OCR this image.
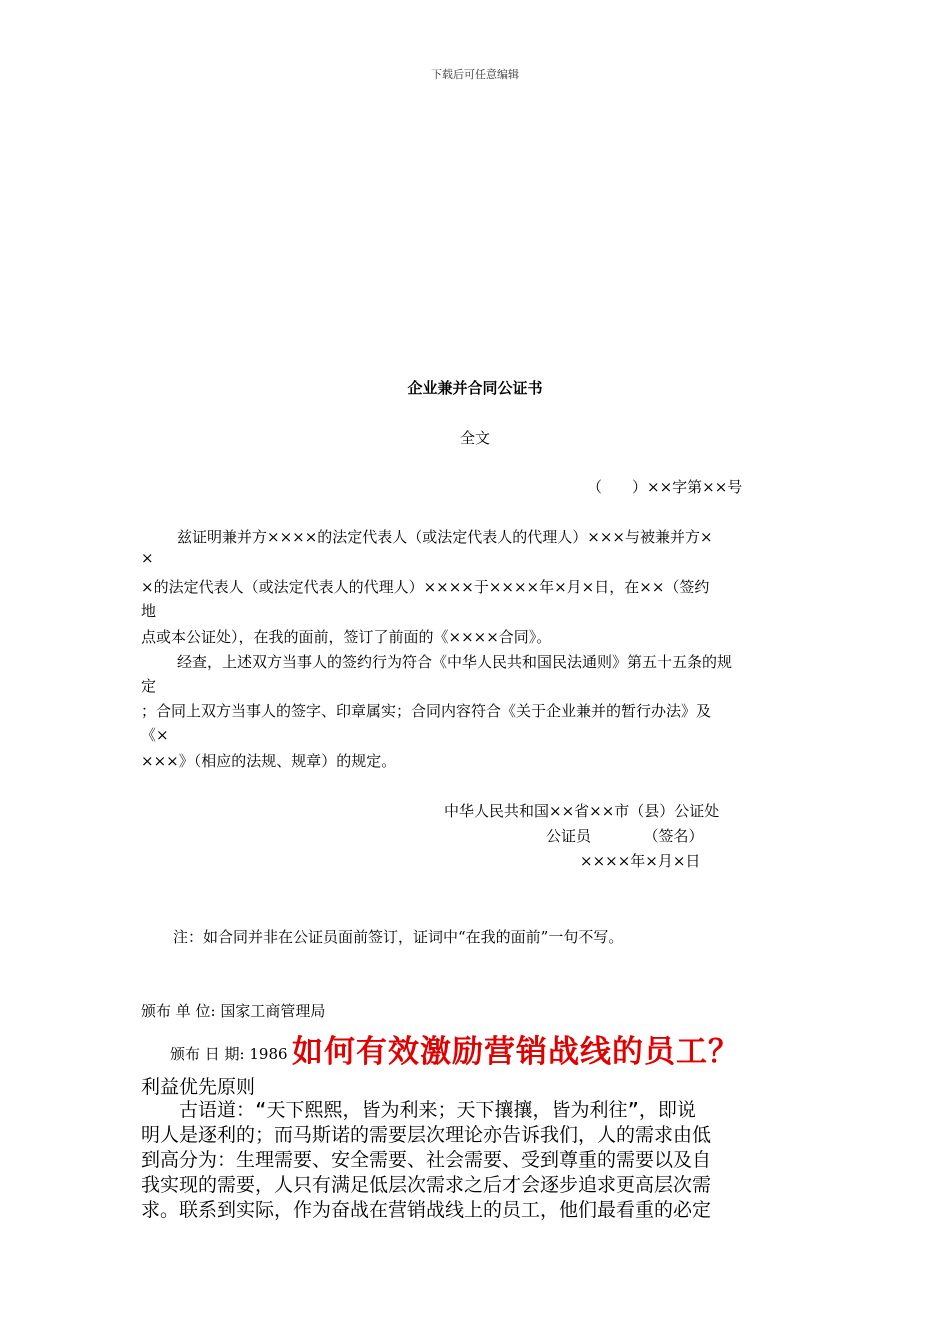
下载后可任意编辑
企业兼并合同公证书
全文
（　　）××字第××号
兹证明兼并方××××的法定代表人（或法定代表人的代理人）×××与被兼并方×
×
×的法定代表人（或法定代表人的代理人）××××于××××年×月×日，在××（签约
地
点或本公证处），在我的面前，签订了前面的《××××合同》。
经查，上述双方当事人的签约行为符合《中华人民共和国民法通则》第五十五条的规
定
；合同上双方当事人的签字、印章属实；合同内容符合《关于企业兼并的暂行办法》及
《×
×××》（相应的法规、规章）的规定。
中华人民共和国××省××市（县）公证处
公证员　　　　（签名）
××××年×月×日
注：如合同并非在公证员面前签订，证词中“在我的面前”一句不写。
颁布 单 位: 国家工商管理局
颁布 日 期: 1986 如何有效激励营销战线的员工？
利益优先原则
　　古语道：“天下熙熙，皆为利来；天下攘攘，皆为利往”，即说
明人是逐利的；而马斯诺的需要层次理论亦告诉我们，人的需求由低
到高分为：生理需要、安全需要、社会需要、受到尊重的需要以及自
我实现的需要，人只有满足低层次需求之后才会逐步追求更高层次需
求。联系到实际，作为奋战在营销战线上的员工，他们最看重的必定
